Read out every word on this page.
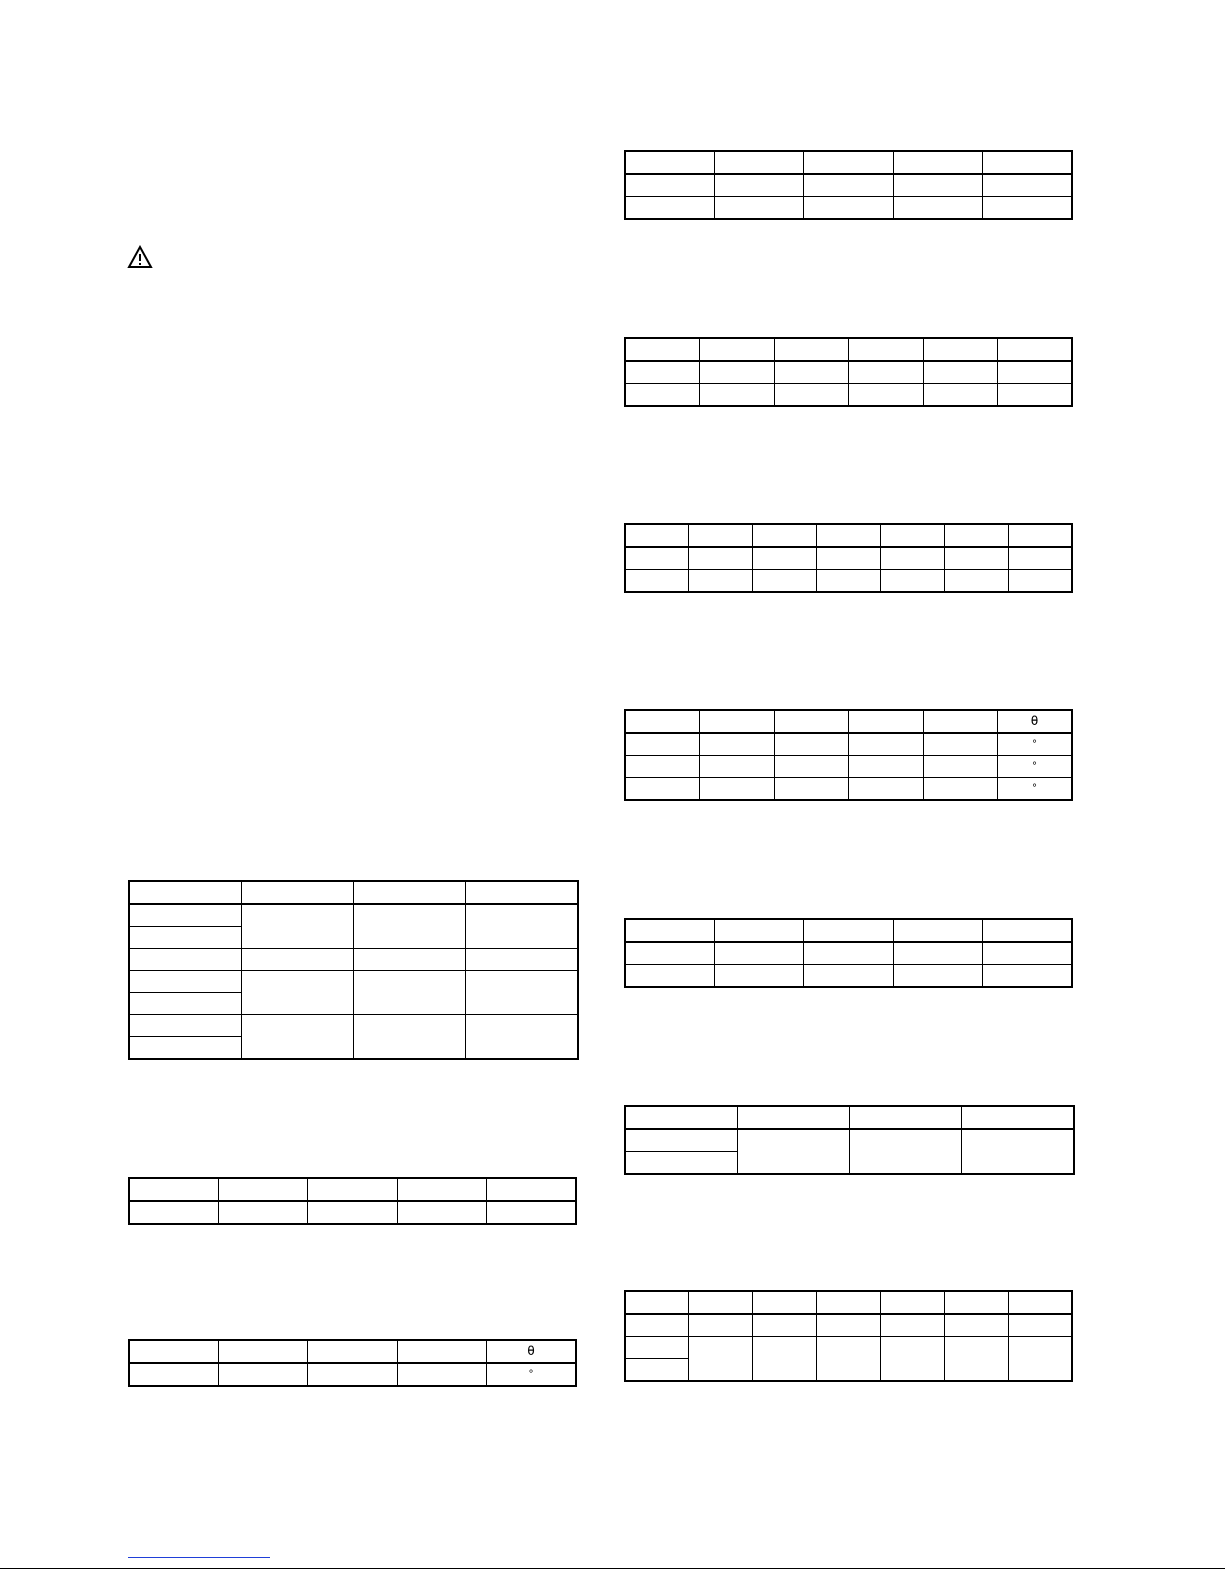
				θ
				°

					θ
					°
					°
					°
